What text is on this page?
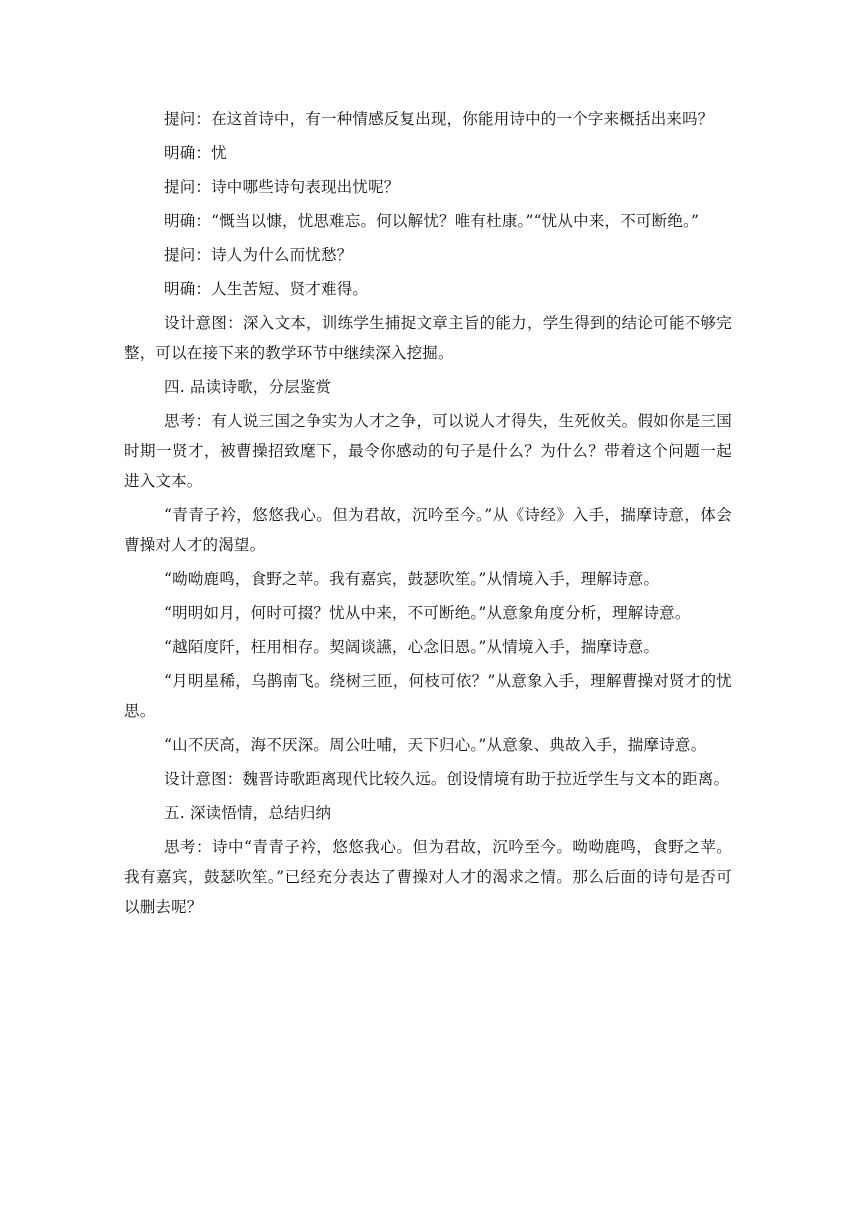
提问：在这首诗中，有一种情感反复出现，你能用诗中的一个字来概括出来吗？

明确：忧

提问：诗中哪些诗句表现出忧呢？

明确：“慨当以慷，忧思难忘。何以解忧？唯有杜康。”“忧从中来，不可断绝。”

提问：诗人为什么而忧愁？

明确：人生苦短、贤才难得。

设计意图：深入文本，训练学生捕捉文章主旨的能力，学生得到的结论可能不够完整，可以在接下来的教学环节中继续深入挖掘。

四. 品读诗歌，分层鉴赏

思考：有人说三国之争实为人才之争，可以说人才得失，生死攸关。假如你是三国时期一贤才，被曹操招致麾下，最令你感动的句子是什么？为什么？带着这个问题一起进入文本。

“青青子衿，悠悠我心。但为君故，沉吟至今。”从《诗经》入手，揣摩诗意，体会曹操对人才的渴望。

“呦呦鹿鸣，食野之苹。我有嘉宾，鼓瑟吹笙。”从情境入手，理解诗意。

“明明如月，何时可掇？忧从中来，不可断绝。”从意象角度分析，理解诗意。

“越陌度阡，枉用相存。契阔谈讌，心念旧恩。”从情境入手，揣摩诗意。

“月明星稀，乌鹊南飞。绕树三匝，何枝可依？”从意象入手，理解曹操对贤才的忧思。

“山不厌高，海不厌深。周公吐哺，天下归心。”从意象、典故入手，揣摩诗意。

设计意图：魏晋诗歌距离现代比较久远。创设情境有助于拉近学生与文本的距离。

五. 深读悟情，总结归纳

思考：诗中“青青子衿，悠悠我心。但为君故，沉吟至今。呦呦鹿鸣，食野之苹。我有嘉宾，鼓瑟吹笙。”已经充分表达了曹操对人才的渴求之情。那么后面的诗句是否可以删去呢？
